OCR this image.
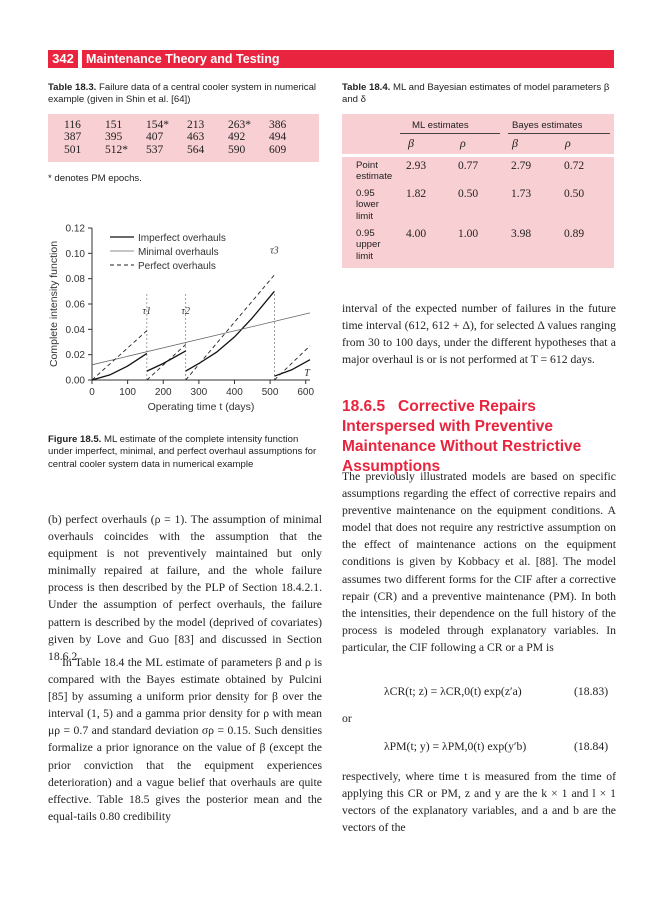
342 Maintenance Theory and Testing
Table 18.3. Failure data of a central cooler system in numerical example (given in Shin et al. [64])
116	151	154*	213	263*	386
387	395	407	463	492	494
501	512*	537	564	590	609
* denotes PM epochs.
0.00
0.02
0.04
0.06
0.08
0.10
0.12
0 100 200 300 400 500 600
Operating time t (days)
Complete intensity function	τ1	τ2
τ3
T
Imperfect overhauls
Minimal overhauls
Perfect overhauls
Figure 18.5. ML estimate of the complete intensity function under imperfect, minimal, and perfect overhaul assumptions for central cooler system data in numerical example
Table 18.4. ML and Bayesian estimates of model parameters β and δ
ML estimates	Bayes estimates
β	ρ	β	ρ
Point estimate
2.93	0.77	2.79	0.72
0.95 lower limit
1.82	0.50	1.73	0.50
0.95 upper limit
4.00	1.00	3.98	0.89
(b) perfect overhauls (ρ = 1). The assumption of minimal overhauls coincides with the assumption that the equipment is not preventively maintained but only minimally repaired at failure, and the whole failure process is then described by the PLP of Section 18.4.2.1. Under the assumption of perfect overhauls, the failure pattern is described by the model (deprived of covariates) given by Love and Guo [83] and discussed in Section 18.6.2.
In Table 18.4 the ML estimate of parameters β and ρ is compared with the Bayes estimate obtained by Pulcini [85] by assuming a uniform prior density for β over the interval (1, 5) and a gamma prior density for ρ with mean μρ = 0.7 and standard deviation σρ = 0.15. Such densities formalize a prior ignorance on the value of β (except the prior conviction that the equipment experiences deterioration) and a vague belief that overhauls are quite effective. Table 18.5 gives the posterior mean and the equal-tails 0.80 credibility
interval of the expected number of failures in the future time interval (612, 612 + Δ), for selected Δ values ranging from 30 to 100 days, under the different hypotheses that a major overhaul is or is not performed at T = 612 days.
18.6.5 Corrective Repairs Interspersed with Preventive Maintenance Without Restrictive Assumptions
The previously illustrated models are based on specific assumptions regarding the effect of corrective repairs and preventive maintenance on the equipment conditions. A model that does not require any restrictive assumption on the effect of maintenance actions on the equipment conditions is given by Kobbacy et al. [88]. The model assumes two different forms for the CIF after a corrective repair (CR) and a preventive maintenance (PM). In both the intensities, their dependence on the full history of the process is modeled through explanatory variables. In particular, the CIF following a CR or a PM is
λCR(t; z) = λCR,0(t) exp(z′a)	(18.83)
or
λPM(t; y) = λPM,0(t) exp(y′b)	(18.84)
respectively, where time t is measured from the time of applying this CR or PM, z and y are the k × 1 and l × 1 vectors of the explanatory variables, and a and b are the vectors of the
